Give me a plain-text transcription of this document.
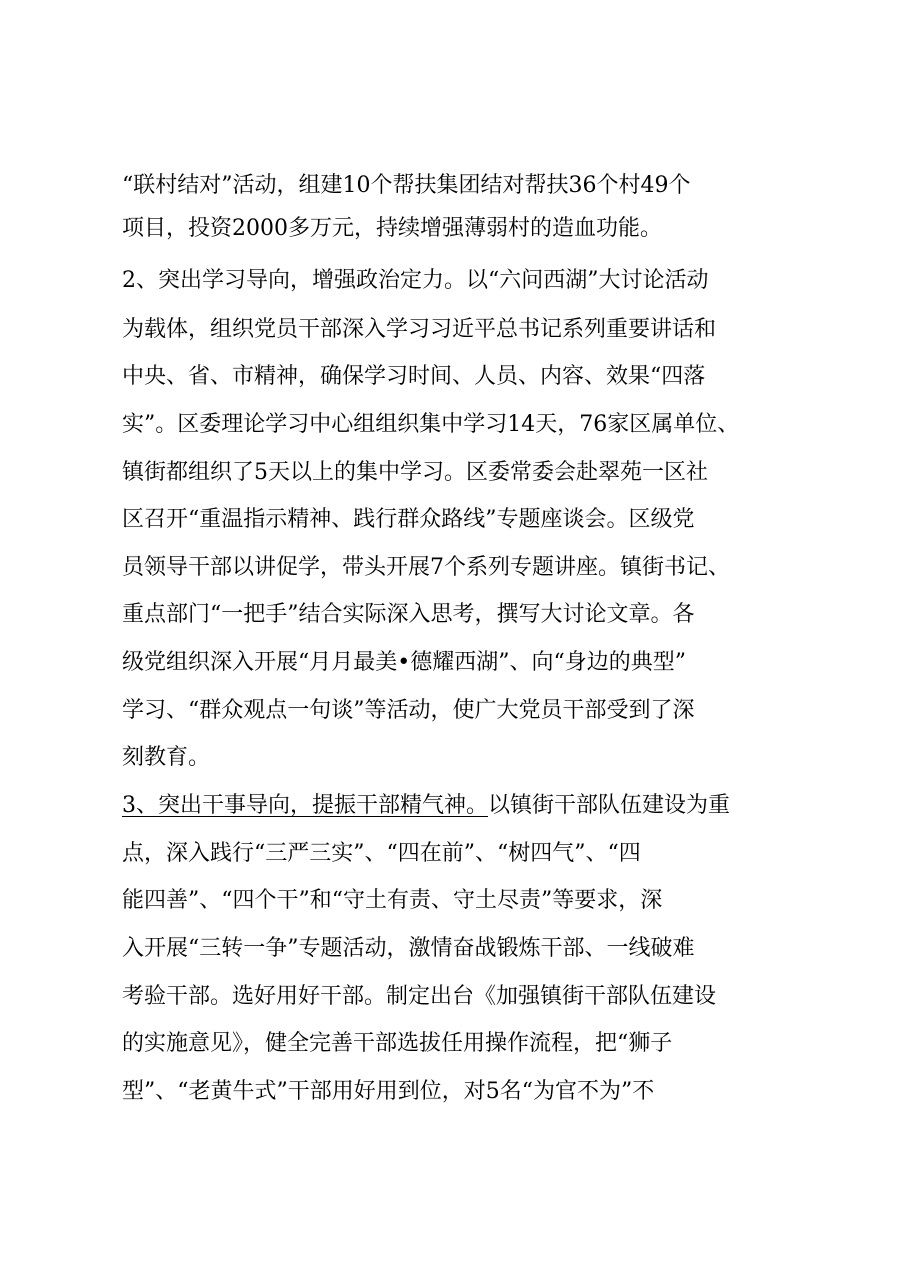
“联村结对”活动，组建10个帮扶集团结对帮扶36个村49个
项目，投资2000多万元，持续增强薄弱村的造血功能。
2、突出学习导向，增强政治定力。以“六问西湖”大讨论活动
为载体，组织党员干部深入学习习近平总书记系列重要讲话和
中央、省、市精神，确保学习时间、人员、内容、效果“四落
实”。区委理论学习中心组组织集中学习14天，76家区属单位、
镇街都组织了5天以上的集中学习。区委常委会赴翠苑一区社
区召开“重温指示精神、践行群众路线”专题座谈会。区级党
员领导干部以讲促学，带头开展7个系列专题讲座。镇街书记、
重点部门“一把手”结合实际深入思考，撰写大讨论文章。各
级党组织深入开展“月月最美•德耀西湖”、向“身边的典型”
学习、“群众观点一句谈”等活动，使广大党员干部受到了深
刻教育。
3、突出干事导向，提振干部精气神。以镇街干部队伍建设为重
点，深入践行“三严三实”、“四在前”、“树四气”、“四
能四善”、“四个干”和“守土有责、守土尽责”等要求，深
入开展“三转一争”专题活动，激情奋战锻炼干部、一线破难
考验干部。选好用好干部。制定出台《加强镇街干部队伍建设
的实施意见》，健全完善干部选拔任用操作流程，把“狮子
型”、“老黄牛式”干部用好用到位，对5名“为官不为”不
